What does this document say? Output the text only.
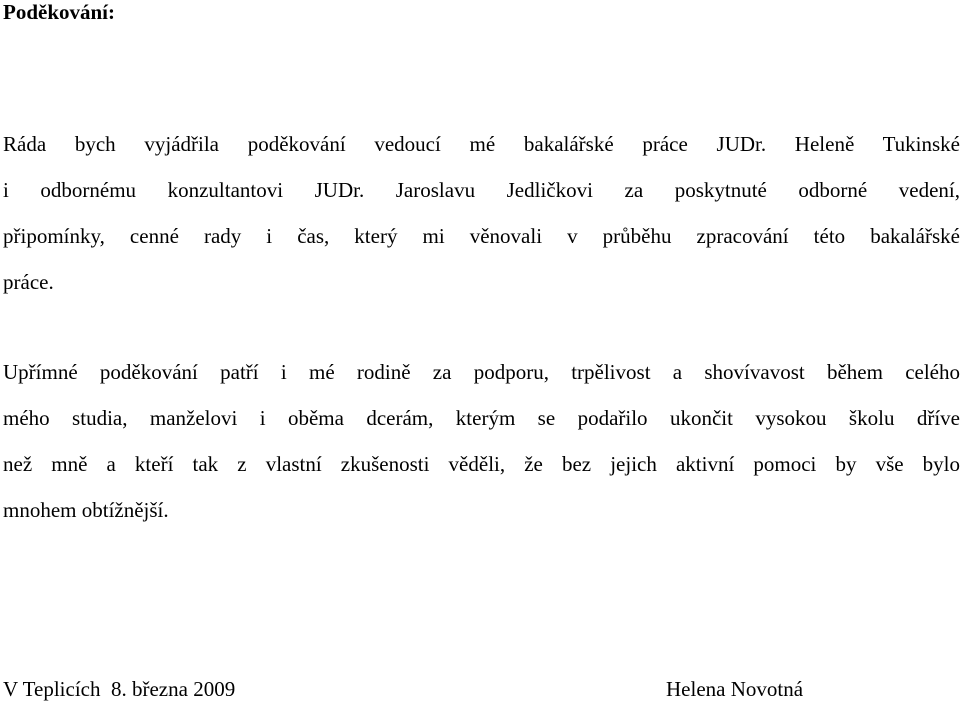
Poděkování:
Ráda bych vyjádřila poděkování vedoucí mé bakalářské práce JUDr. Heleně Tukinské
i odbornému konzultantovi JUDr. Jaroslavu Jedličkovi za poskytnuté odborné vedení,
připomínky, cenné rady i čas, který mi věnovali v průběhu zpracování této bakalářské
práce.
Upřímné poděkování patří i mé rodině za podporu, trpělivost a shovívavost během celého
mého studia, manželovi i oběma dcerám, kterým se podařilo ukončit vysokou školu dříve
než mně a kteří tak z vlastní zkušenosti věděli, že bez jejich aktivní pomoci by vše bylo
mnohem obtížnější.
V Teplicích  8. března 2009	Helena Novotná
